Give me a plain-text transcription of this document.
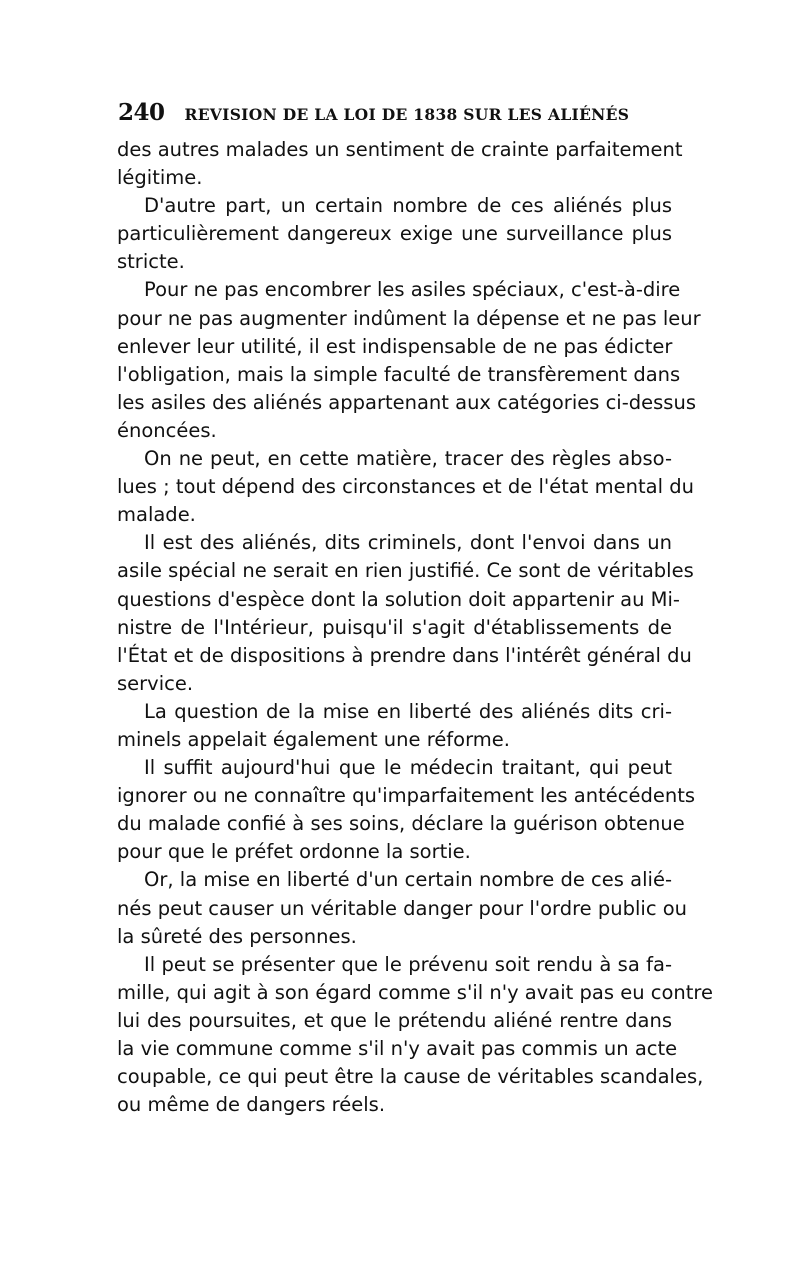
240 REVISION DE LA LOI DE 1838 SUR LES ALIÉNÉS
des autres malades un sentiment de crainte parfaitement
légitime.
D'autre part, un certain nombre de ces aliénés plus
particulièrement dangereux exige une surveillance plus
stricte.
Pour ne pas encombrer les asiles spéciaux, c'est-à-dire
pour ne pas augmenter indûment la dépense et ne pas leur
enlever leur utilité, il est indispensable de ne pas édicter
l'obligation, mais la simple faculté de transfèrement dans
les asiles des aliénés appartenant aux catégories ci-dessus
énoncées.
On ne peut, en cette matière, tracer des règles abso-
lues ; tout dépend des circonstances et de l'état mental du
malade.
Il est des aliénés, dits criminels, dont l'envoi dans un
asile spécial ne serait en rien justifié. Ce sont de véritables
questions d'espèce dont la solution doit appartenir au Mi-
nistre de l'Intérieur, puisqu'il s'agit d'établissements de
l'État et de dispositions à prendre dans l'intérêt général du
service.
La question de la mise en liberté des aliénés dits cri-
minels appelait également une réforme.
Il suffit aujourd'hui que le médecin traitant, qui peut
ignorer ou ne connaître qu'imparfaitement les antécédents
du malade confié à ses soins, déclare la guérison obtenue
pour que le préfet ordonne la sortie.
Or, la mise en liberté d'un certain nombre de ces alié-
nés peut causer un véritable danger pour l'ordre public ou
la sûreté des personnes.
Il peut se présenter que le prévenu soit rendu à sa fa-
mille, qui agit à son égard comme s'il n'y avait pas eu contre
lui des poursuites, et que le prétendu aliéné rentre dans
la vie commune comme s'il n'y avait pas commis un acte
coupable, ce qui peut être la cause de véritables scandales,
ou même de dangers réels.
